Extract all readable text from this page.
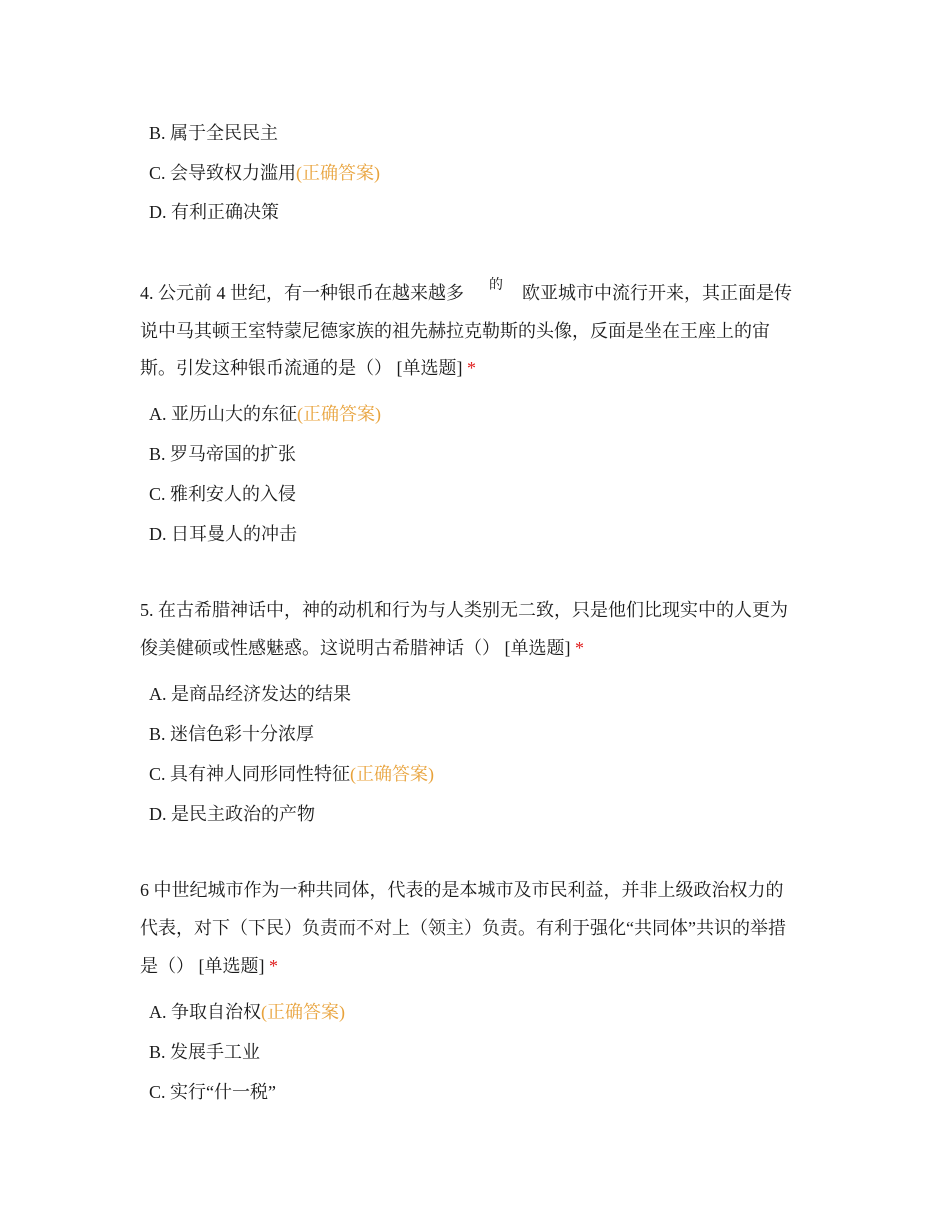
B. 属于全民民主
C. 会导致权力滥用(正确答案)
D. 有利正确决策
4. 公元前 4 世纪，有一种银币在越来越多 的 欧亚城市中流行开来，其正面是传
说中马其顿王室特蒙尼德家族的祖先赫拉克勒斯的头像，反面是坐在王座上的宙
斯。引发这种银币流通的是（） [单选题] *
A. 亚历山大的东征(正确答案)
B. 罗马帝国的扩张
C. 雅利安人的入侵
D. 日耳曼人的冲击
5. 在古希腊神话中，神的动机和行为与人类别无二致，只是他们比现实中的人更为
俊美健硕或性感魅惑。这说明古希腊神话（） [单选题] *
A. 是商品经济发达的结果
B. 迷信色彩十分浓厚
C. 具有神人同形同性特征(正确答案)
D. 是民主政治的产物
6 中世纪城市作为一种共同体，代表的是本城市及市民利益，并非上级政治权力的
代表，对下（下民）负责而不对上（领主）负责。有利于强化“共同体”共识的举措
是（） [单选题] *
A. 争取自治权(正确答案)
B. 发展手工业
C. 实行“什一税”
